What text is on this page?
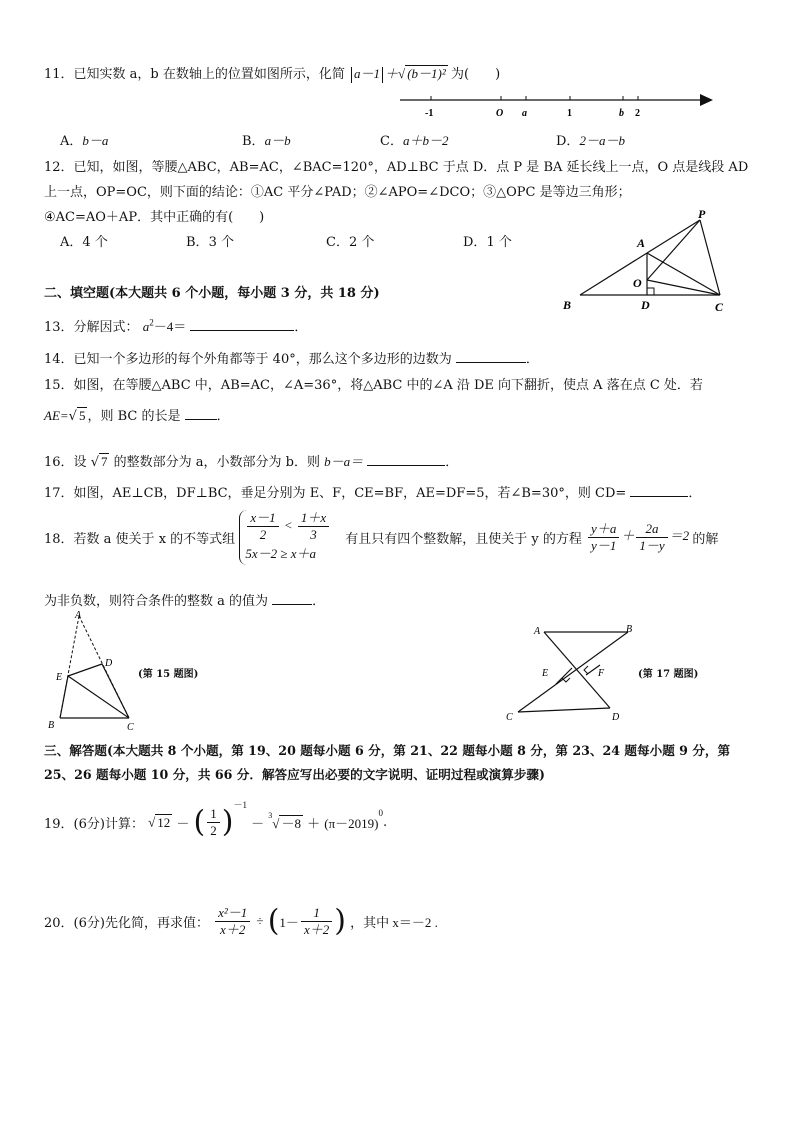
11．已知实数 a，b 在数轴上的位置如图所示，化简 a－1 ＋√ (b－1)² 为(　　)
-1	O a	1	b 2
A．b－a	B．a－b	C．a＋b－2	D．2－a－b
12．已知，如图，等腰△ABC，AB=AC，∠BAC=120°，AD⊥BC 于点 D．点 P 是 BA 延长线上一点，O 点是线段 AD
上一点，OP=OC，则下面的结论：①AC 平分∠PAD；②∠APO=∠DCO；③△OPC 是等边三角形；
④AC=AO＋AP．其中正确的有(　　)
A．4 个	B．3 个	C．2 个	D．1 个
P
A
O
B	D	C
二、填空题(本大题共 6 个小题，每小题 3 分，共 18 分)
13．分解因式： $a^2-4=$	．
14．已知一个多边形的每个外角都等于 40°，那么这个多边形的边数为	．
15．如图，在等腰△ABC 中，AB=AC，∠A=36°，将△ABC 中的∠A 沿 DE 向下翻折，使点 A 落在点 C 处．若
AE=√ 5 ，则 BC 的长是	．
16．设 √ 7 的整数部分为 a，小数部分为 b．则 b－a＝	．
17．如图，AE⊥CB，DF⊥BC，垂足分别为 E、F，CE=BF，AE=DF=5，若∠B=30°，则 CD=	．
18．若数 a 使关于 x 的不等式组 $\frac{x-1}{2} < \frac{1+x}{3}$
5x－2 ≥ x＋a
有且只有四个整数解，且使关于 y 的方程 $\frac{y+a}{y-1} + \frac{2a}{1-y} =2$ 的解
为非负数，则符合条件的整数 a 的值为	．
A
D
E
B	C
(第 15 题图)
A	B
E	F
C	D
(第 17 题图)
三、解答题(本大题共 8 个小题，第 19、20 题每小题 6 分，第 21、22 题每小题 8 分，第 23、24 题每小题 9 分，第
25、26 题每小题 10 分，共 66 分．解答应写出必要的文字说明、证明过程或演算步骤)
19．(6分)计算： √ 12 － ( $\frac{1}{2} )^{-1} - ^3√ -8 + (\pi-2019)^0$.
20．(6分)先化简，再求值： $\frac{\text{x²－1}}{x+2} \div (1- \frac{1}{x+2}$ ) ，其中 x＝－2 .
